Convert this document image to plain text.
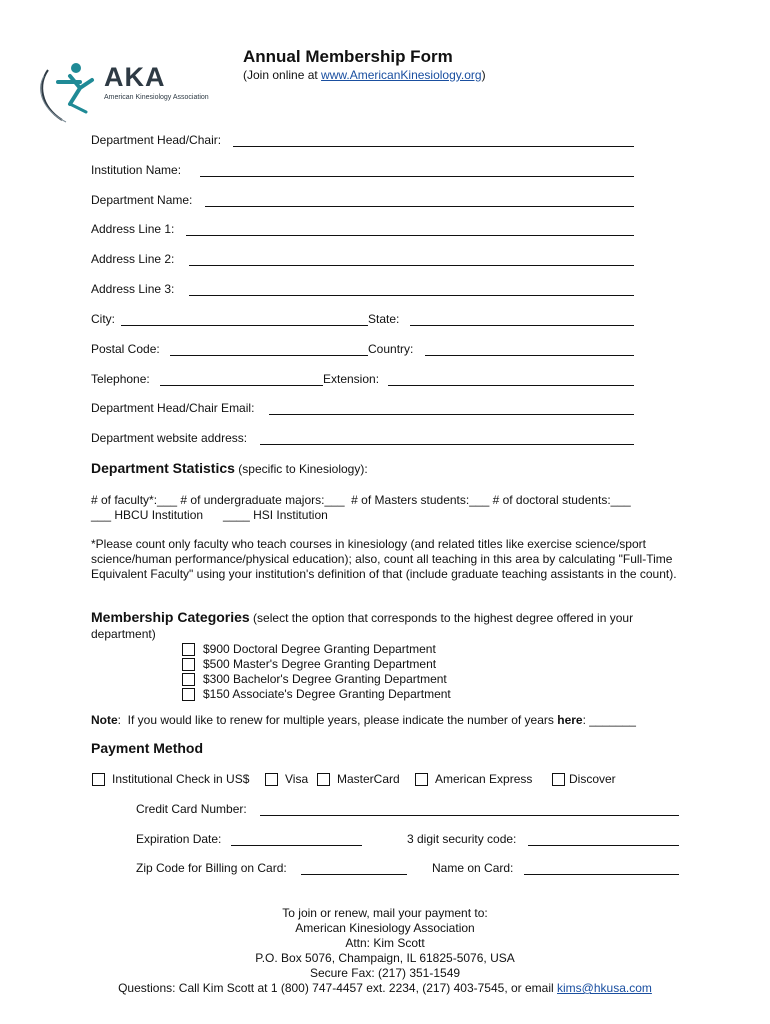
AKA
American Kinesiology Association
Annual Membership Form
(Join online at www.AmericanKinesiology.org)
Department Head/Chair:
Institution Name:
Department Name:
Address Line 1:
Address Line 2:
Address Line 3:
City:	State:
Postal Code:	Country:
Telephone:	Extension:
Department Head/Chair Email:
Department website address:
Department Statistics (specific to Kinesiology):
# of faculty*:___ # of undergraduate majors:___  # of Masters students:___ # of doctoral students:___
___ HBCU Institution      ____ HSI Institution
*Please count only faculty who teach courses in kinesiology (and related titles like exercise science/sport science/human performance/physical education); also, count all teaching in this area by calculating "Full-Time Equivalent Faculty" using your institution's definition of that (include graduate teaching assistants in the count).
Membership Categories (select the option that corresponds to the highest degree offered in your
department)
$900 Doctoral Degree Granting Department
$500 Master's Degree Granting Department
$300 Bachelor's Degree Granting Department
$150 Associate's Degree Granting Department
Note:  If you would like to renew for multiple years, please indicate the number of years here: _______
Payment Method
Institutional Check in US$	Visa MasterCard	American Express	Discover
Credit Card Number:
Expiration Date:	3 digit security code:
Zip Code for Billing on Card:	Name on Card:
To join or renew, mail your payment to:
American Kinesiology Association
Attn: Kim Scott
P.O. Box 5076, Champaign, IL 61825-5076, USA
Secure Fax: (217) 351-1549
Questions: Call Kim Scott at 1 (800) 747-4457 ext. 2234, (217) 403-7545, or email kims@hkusa.com
